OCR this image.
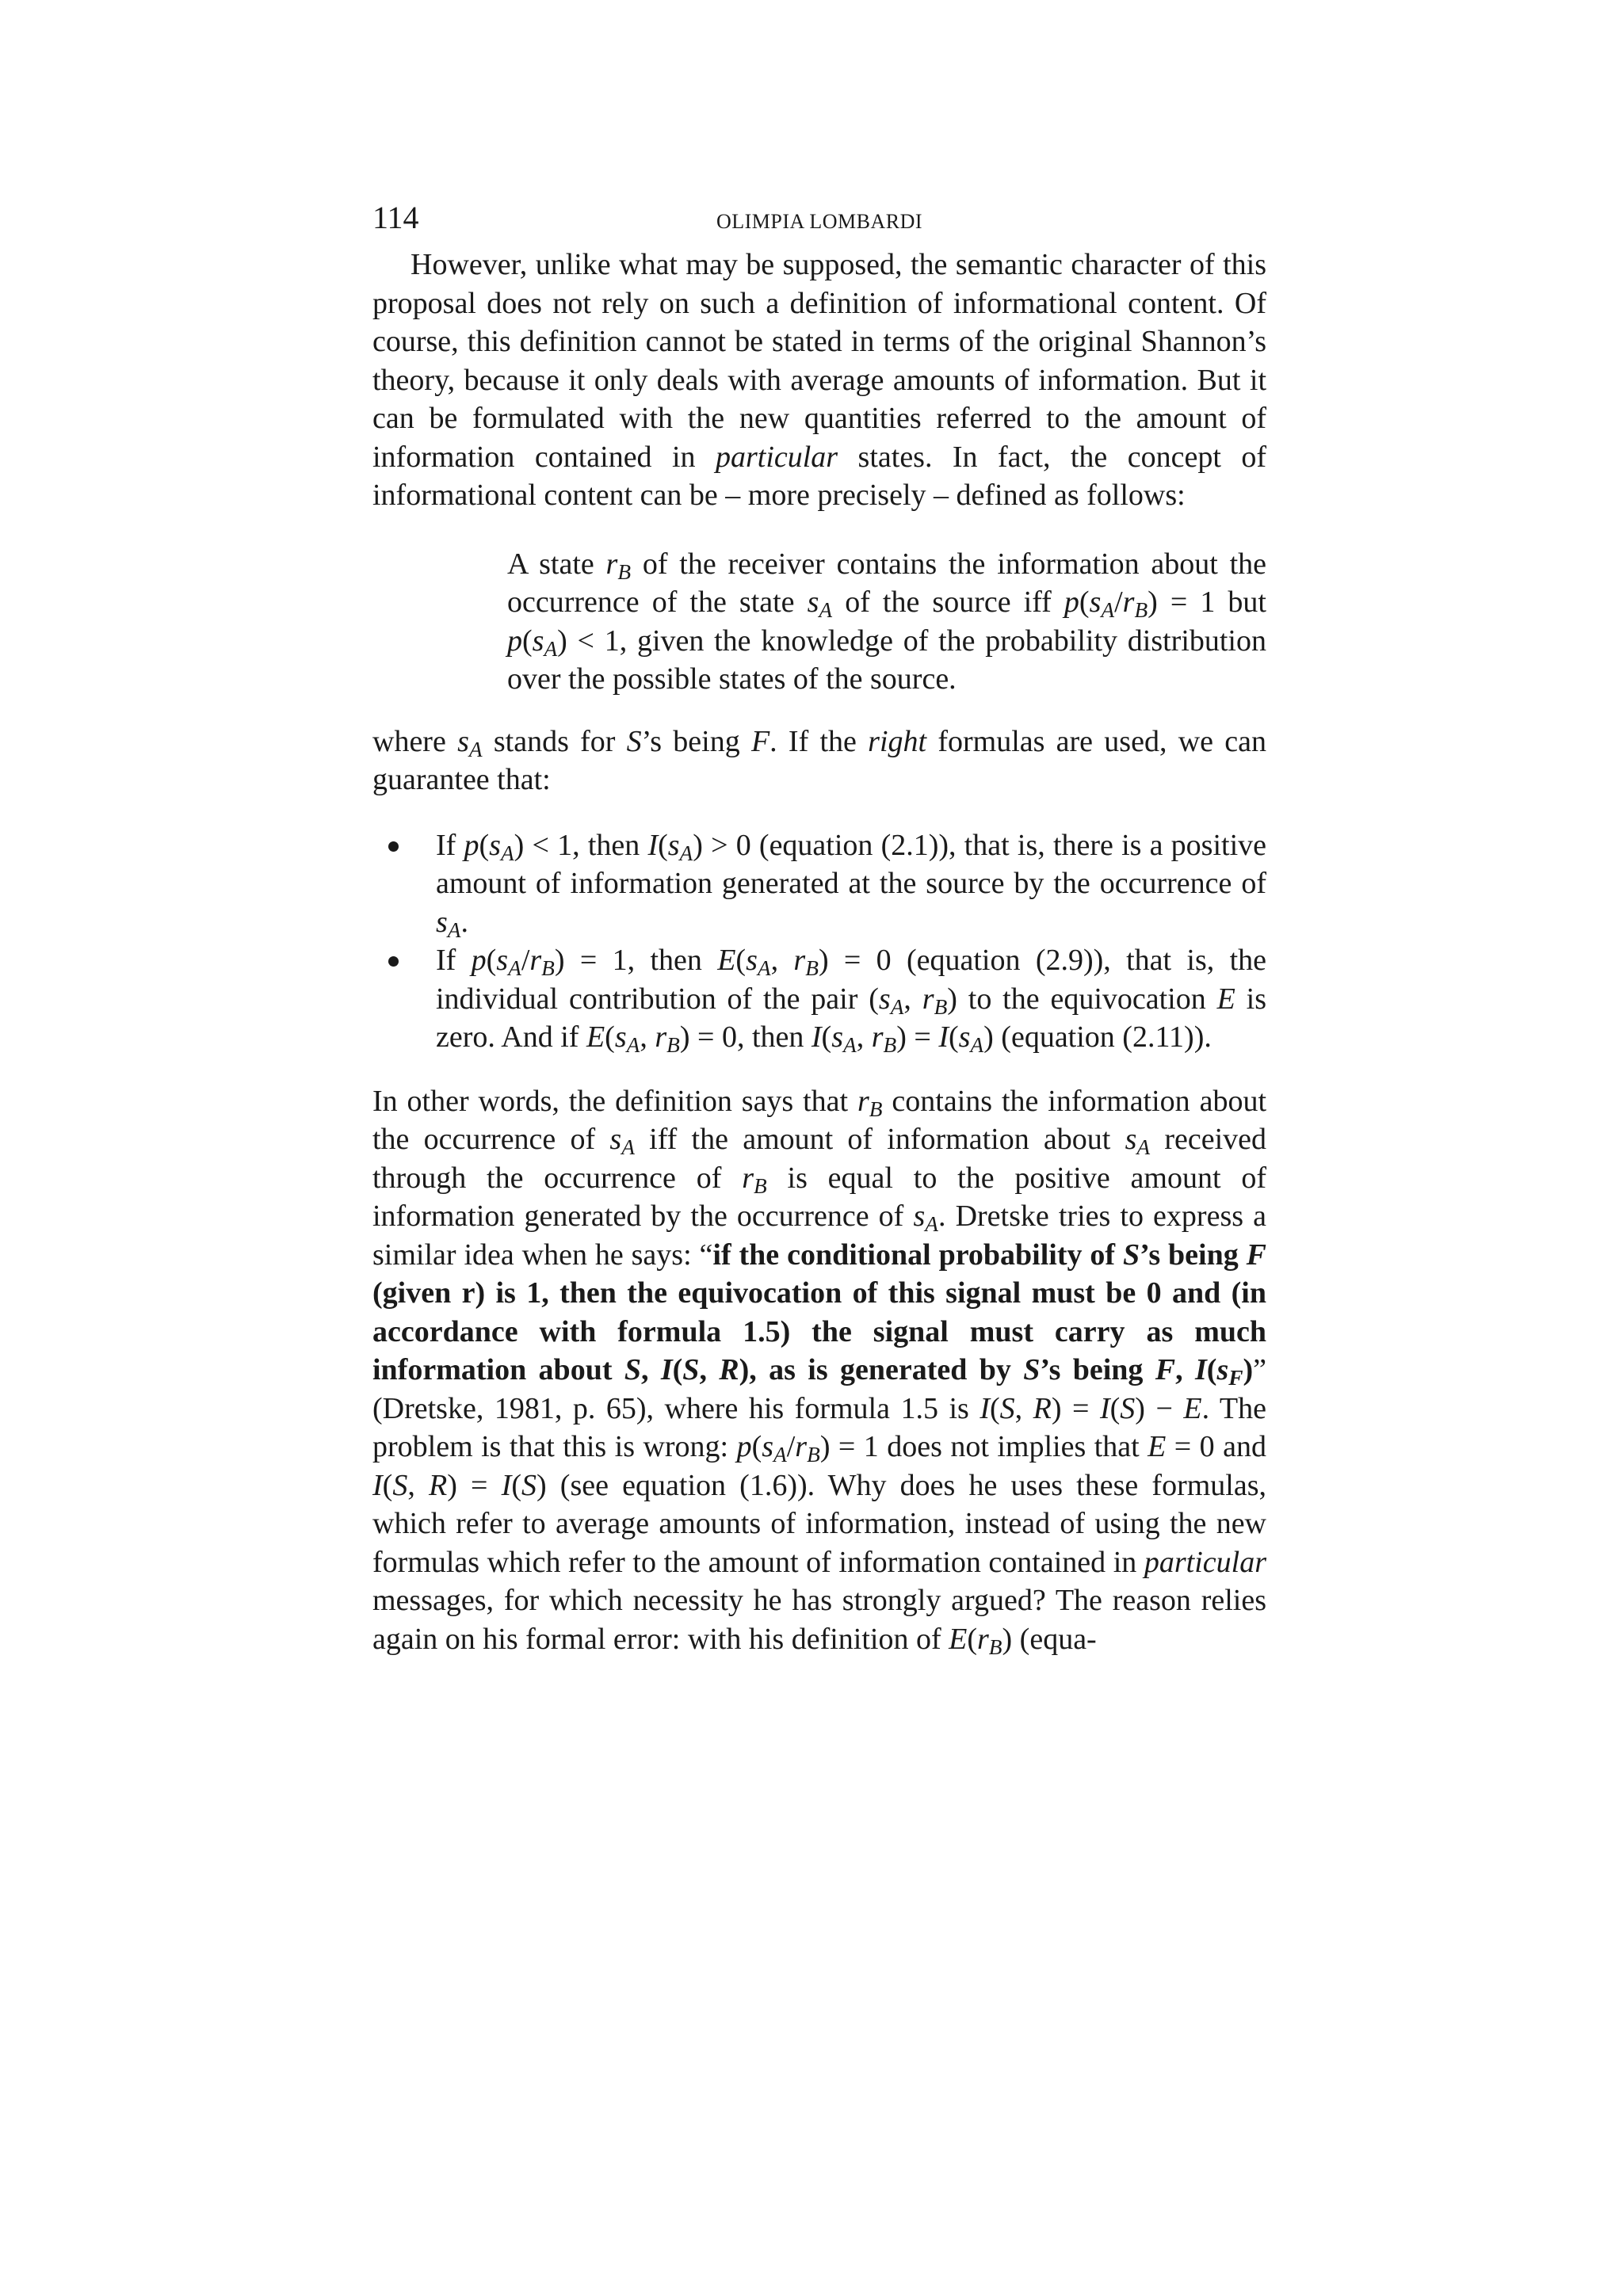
114	OLIMPIA LOMBARDI

However, unlike what may be supposed, the semantic character of this proposal does not rely on such a definition of informational content. Of course, this definition cannot be stated in terms of the original Shannon’s theory, because it only deals with average amounts of information. But it can be formulated with the new quantities referred to the amount of information contained in particular states. In fact, the concept of informational content can be – more precisely – defined as follows:

A state $r_B$ of the receiver contains the information about the occurrence of the state $s_A$ of the source iff $p(s_A/r_B) = 1$ but $p(s_A) < 1$, given the knowledge of the probability distribution over the possible states of the source.

where $s_A$ stands for S’s being F. If the right formulas are used, we can guarantee that:

If $p(s_A) < 1$, then $I(s_A) > 0$ (equation (2.1)), that is, there is a positive amount of information generated at the source by the occurrence of $s_A$.
If $p(s_A/r_B) = 1$, then $E(s_A$, $r_B) = 0$ (equation (2.9)), that is, the individual contribution of the pair ($s_A$, $r_B$) to the equivocation E is zero. And if $E(s_A$, $r_B) = 0$, then $I(s_A$, $r_B) = I(s_A)$ (equation (2.11)).

In other words, the definition says that $r_B$ contains the information about the occurrence of $s_A$ iff the amount of information about $s_A$ received through the occurrence of $r_B$ is equal to the positive amount of information generated by the occurrence of $s_A$. Dretske tries to express a similar idea when he says: “if the conditional probability of S’s being F (given r) is 1, then the equivocation of this signal must be 0 and (in accordance with formula 1.5) the signal must carry as much information about S, I(S, R), as is generated by S’s being F, $I(s_F)$” (Dretske, 1981, p. 65), where his formula 1.5 is I(S, R) = I(S) − E. The problem is that this is wrong: $p(s_A/r_B) = 1$ does not implies that E = 0 and I(S, R) = I(S) (see equation (1.6)). Why does he uses these formulas, which refer to average amounts of information, instead of using the new formulas which refer to the amount of information contained in particular messages, for which necessity he has strongly argued? The reason relies again on his formal error: with his definition of $E(r_B)$ (equa-
